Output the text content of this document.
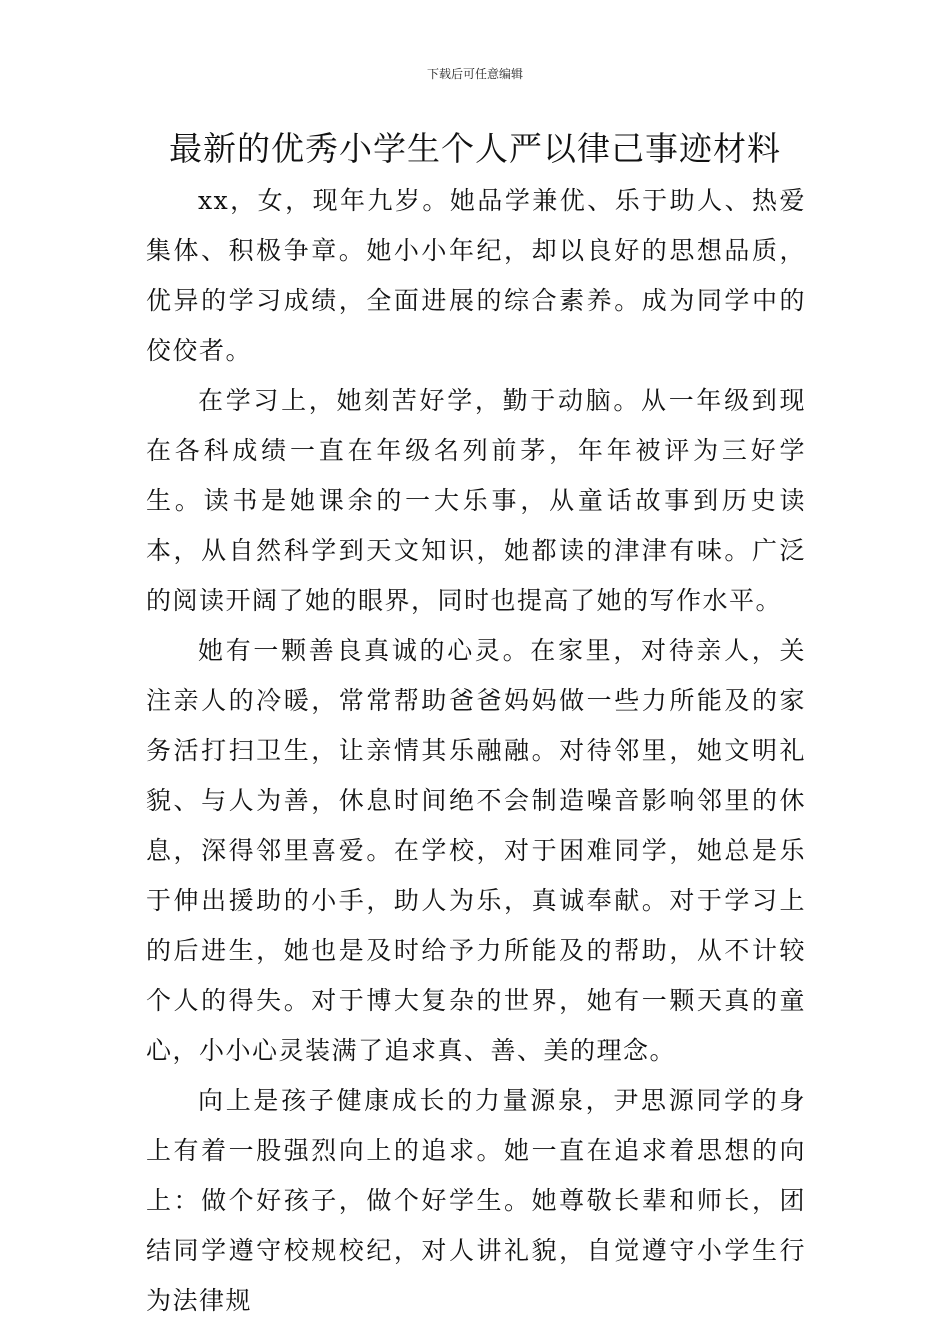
下载后可任意编辑
最新的优秀小学生个人严以律己事迹材料

xx，女，现年九岁。她品学兼优、乐于助人、热爱集体、积极争章。她小小年纪，却以良好的思想品质，优异的学习成绩，全面进展的综合素养。成为同学中的佼佼者。

在学习上，她刻苦好学，勤于动脑。从一年级到现在各科成绩一直在年级名列前茅，年年被评为三好学生。读书是她课余的一大乐事，从童话故事到历史读本，从自然科学到天文知识，她都读的津津有味。广泛的阅读开阔了她的眼界，同时也提高了她的写作水平。

她有一颗善良真诚的心灵。在家里，对待亲人，关注亲人的冷暖，常常帮助爸爸妈妈做一些力所能及的家务活打扫卫生，让亲情其乐融融。对待邻里，她文明礼貌、与人为善，休息时间绝不会制造噪音影响邻里的休息，深得邻里喜爱。在学校，对于困难同学，她总是乐于伸出援助的小手，助人为乐，真诚奉献。对于学习上的后进生，她也是及时给予力所能及的帮助，从不计较个人的得失。对于博大复杂的世界，她有一颗天真的童心，小小心灵装满了追求真、善、美的理念。

向上是孩子健康成长的力量源泉，尹思源同学的身上有着一股强烈向上的追求。她一直在追求着思想的向上：做个好孩子，做个好学生。她尊敬长辈和师长，团结同学遵守校规校纪，对人讲礼貌，自觉遵守小学生行为法律规
